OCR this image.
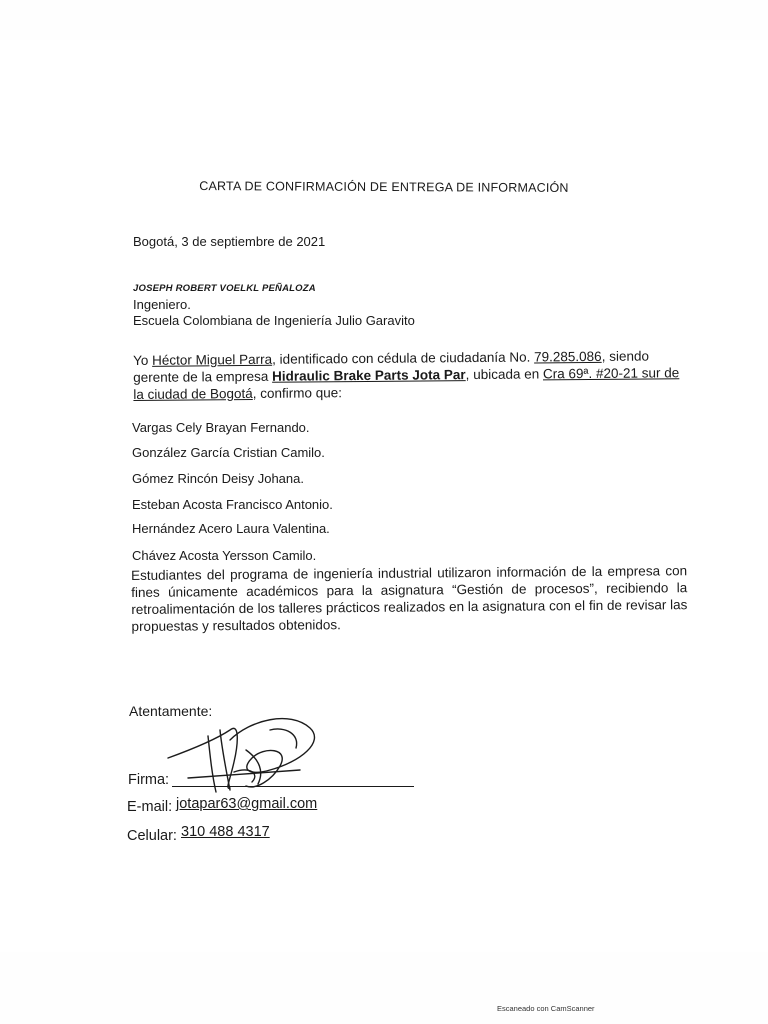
CARTA DE CONFIRMACIÓN DE ENTREGA DE INFORMACIÓN
Bogotá, 3 de septiembre de 2021
JOSEPH ROBERT VOELKL PEÑALOZA
Ingeniero.
Escuela Colombiana de Ingeniería Julio Garavito
Yo Héctor Miguel Parra, identificado con cédula de ciudadanía No. 79.285.086, siendo gerente de la empresa Hidraulic Brake Parts Jota Par, ubicada en Cra 69ª. #20-21 sur de la ciudad de Bogotá, confirmo que:
Vargas Cely Brayan Fernando.
González García Cristian Camilo.
Gómez Rincón Deisy Johana.
Esteban Acosta Francisco Antonio.
Hernández Acero Laura Valentina.
Chávez Acosta Yersson Camilo.
Estudiantes del programa de ingeniería industrial utilizaron información de la empresa con fines únicamente académicos para la asignatura “Gestión de procesos”, recibiendo la retroalimentación de los talleres prácticos realizados en la asignatura con el fin de revisar las propuestas y resultados obtenidos.
Atentamente:
Firma:
E-mail: jotapar63@gmail.com
Celular: 310 488 4317
Escaneado con CamScanner
